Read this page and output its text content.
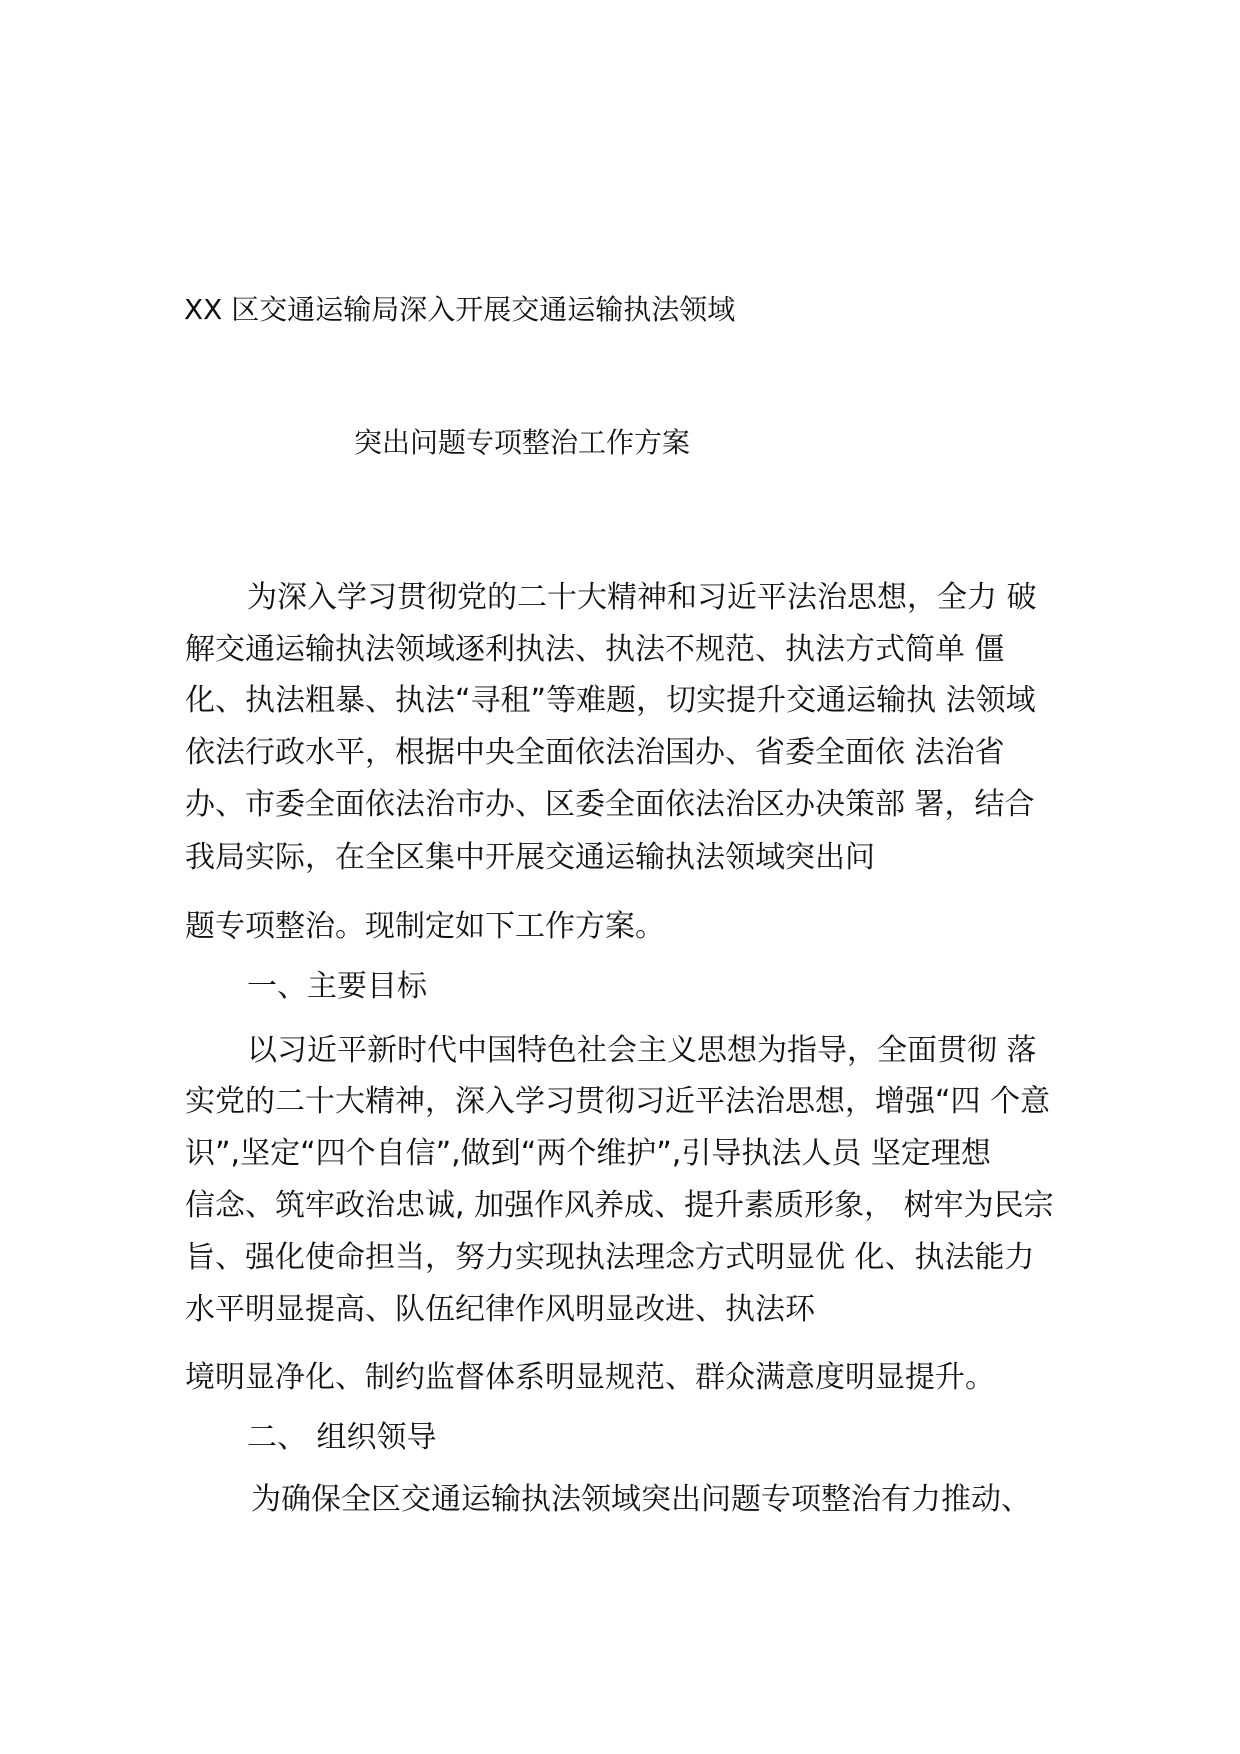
XX 区交通运输局深入开展交通运输执法领域
突出问题专项整治工作方案
为深入学习贯彻党的二十大精神和习近平法治思想，全力 破
解交通运输执法领域逐利执法、执法不规范、执法方式简单 僵
化、执法粗暴、执法“寻租”等难题，切实提升交通运输执 法领域
依法行政水平，根据中央全面依法治国办、省委全面依 法治省
办、市委全面依法治市办、区委全面依法治区办决策部 署，结合
我局实际，在全区集中开展交通运输执法领域突出问
题专项整治。现制定如下工作方案。
一、主要目标
以习近平新时代中国特色社会主义思想为指导，全面贯彻 落
实党的二十大精神，深入学习贯彻习近平法治思想，增强“四 个意
识”,坚定“四个自信”,做到“两个维护”,引导执法人员 坚定理想
信念、筑牢政治忠诚, 加强作风养成、提升素质形象， 树牢为民宗
旨、强化使命担当，努力实现执法理念方式明显优 化、执法能力
水平明显提高、队伍纪律作风明显改进、执法环
境明显净化、制约监督体系明显规范、群众满意度明显提升。
二、 组织领导
为确保全区交通运输执法领域突出问题专项整治有力推动、
